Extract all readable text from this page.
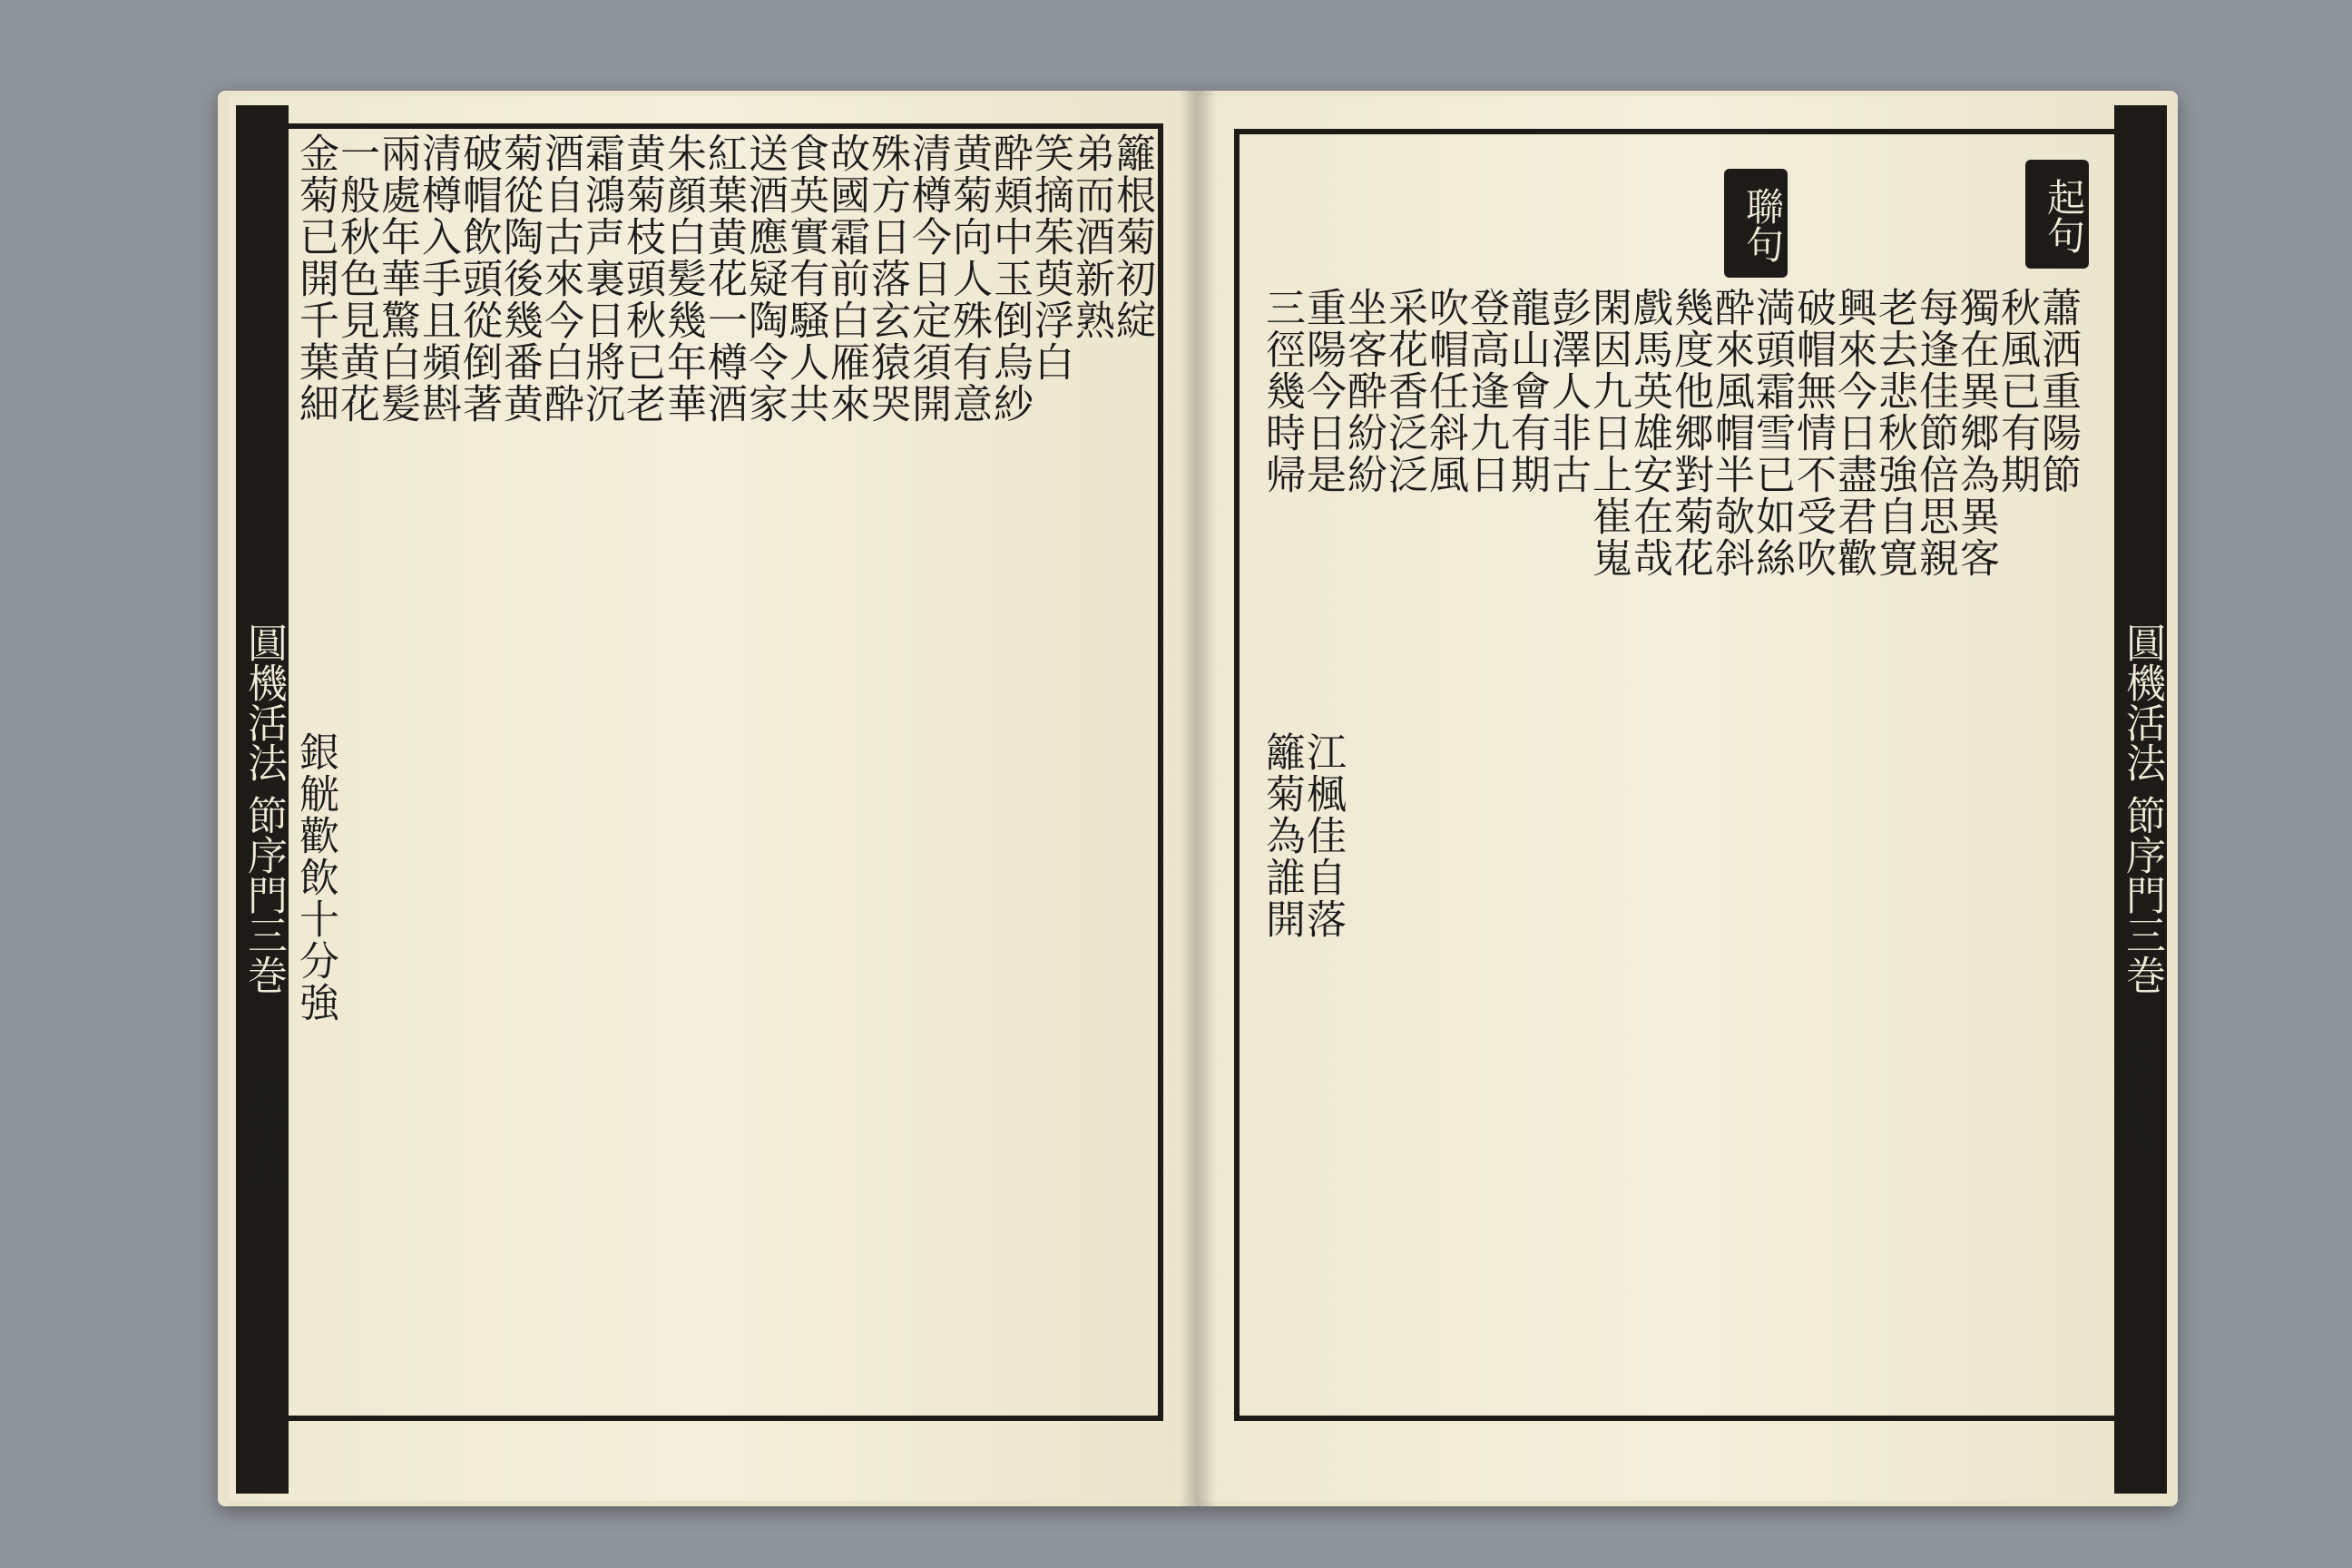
圓機活法 節序門三巻
五十九
籬根菊初綻
弟而酒新熟
笑摘茱萸浮白
酔頬中玉倒烏紗
黄菊向人殊有意
清樽今日定須開
殊方日落玄猿哭
故國霜前白雁來
食英實有騒人共
送酒應疑陶令家
紅葉黄花一樽酒
朱顔白髪幾年華
黄菊枝頭秋已老
霜鴻声裏日將沉
酒自古來今白酔
菊從陶後幾番黄
破帽飲頭從倒著
清樽入手且頻斟
兩處年華驚白髪
一般秋色見黄花
金菊已開千葉細
銀觥歡飲十分強
圓機活法 節序門三巻
五十八
起句
聯句
蕭洒重陽節
秋風已有期
獨在異郷為異客
每逢佳節倍思親
老去悲秋強自寛
興來今日盡君歡
破帽無情不受吹
満頭霜雪已如絲
酔來風帽半欹斜
幾度他郷對菊花
戲馬英雄安在哉
閑因九日上崔嵬
彭澤人非古
龍山會有期
登高逢九日
吹帽任斜風
采花香泛泛
坐客酔紛紛
重陽今日是
三徑幾時帰
江楓佳自落
籬菊為誰開
